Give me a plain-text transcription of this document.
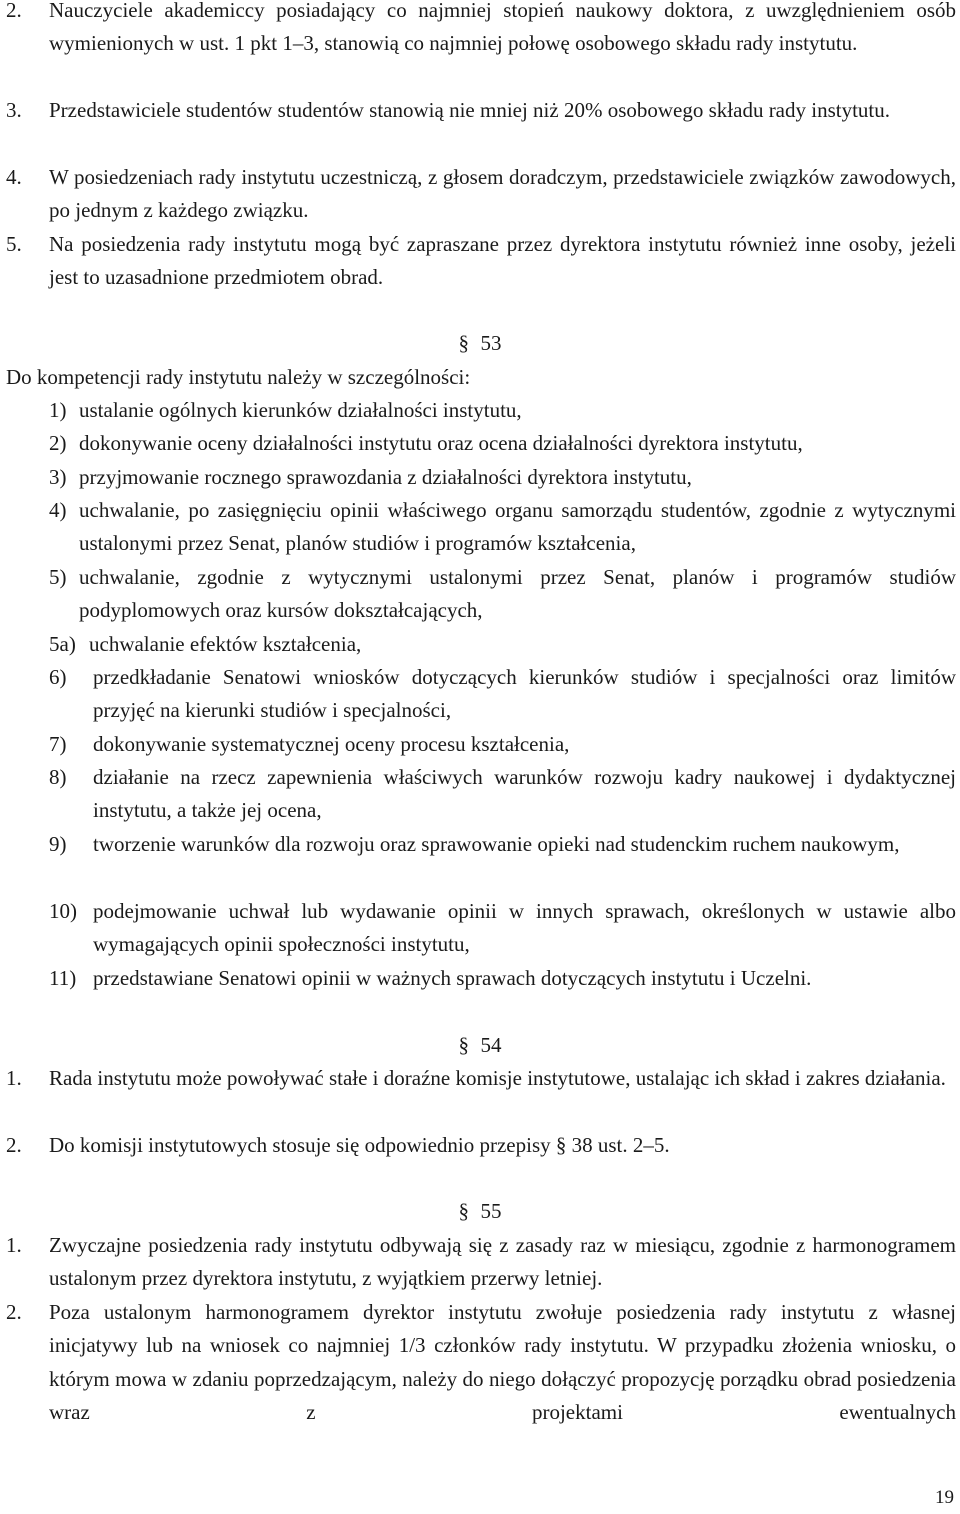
2. Nauczyciele akademiccy posiadający co najmniej stopień naukowy doktora, z uwzględnieniem osób wymienionych w ust. 1 pkt 1–3, stanowią co najmniej połowę osobowego składu rady instytutu.
3. Przedstawiciele studentów studentów stanowią nie mniej niż 20% osobowego składu rady instytutu.
4. W posiedzeniach rady instytutu uczestniczą, z głosem doradczym, przedstawiciele związków zawodowych, po jednym z każdego związku.
5. Na posiedzenia rady instytutu mogą być zapraszane przez dyrektora instytutu również inne osoby, jeżeli jest to uzasadnione przedmiotem obrad.
§ 53
Do kompetencji rady instytutu należy w szczególności:
1) ustalanie ogólnych kierunków działalności instytutu,
2) dokonywanie oceny działalności instytutu oraz ocena działalności dyrektora instytutu,
3) przyjmowanie rocznego sprawozdania z działalności dyrektora instytutu,
4) uchwalanie, po zasięgnięciu opinii właściwego organu samorządu studentów, zgodnie z wytycznymi ustalonymi przez Senat, planów studiów i programów kształcenia,
5) uchwalanie, zgodnie z wytycznymi ustalonymi przez Senat, planów i programów studiów podyplomowych oraz kursów dokształcających,
5a) uchwalanie efektów kształcenia,
6) przedkładanie Senatowi wniosków dotyczących kierunków studiów i specjalności oraz limitów przyjęć na kierunki studiów i specjalności,
7) dokonywanie systematycznej oceny procesu kształcenia,
8) działanie na rzecz zapewnienia właściwych warunków rozwoju kadry naukowej i dydaktycznej instytutu, a także jej ocena,
9) tworzenie warunków dla rozwoju oraz sprawowanie opieki nad studenckim ruchem naukowym,
10) podejmowanie uchwał lub wydawanie opinii w innych sprawach, określonych w ustawie albo wymagających opinii społeczności instytutu,
11) przedstawiane Senatowi opinii w ważnych sprawach dotyczących instytutu i Uczelni.
§ 54
1. Rada instytutu może powoływać stałe i doraźne komisje instytutowe, ustalając ich skład i zakres działania.
2. Do komisji instytutowych stosuje się odpowiednio przepisy § 38 ust. 2–5.
§ 55
1. Zwyczajne posiedzenia rady instytutu odbywają się z zasady raz w miesiącu, zgodnie z harmonogramem ustalonym przez dyrektora instytutu, z wyjątkiem przerwy letniej.
2. Poza ustalonym harmonogramem dyrektor instytutu zwołuje posiedzenia rady instytutu z własnej inicjatywy lub na wniosek co najmniej 1/3 członków rady instytutu. W przypadku złożenia wniosku, o którym mowa w zdaniu poprzedzającym, należy do niego dołączyć propozycję porządku obrad posiedzenia wraz z projektami ewentualnych
19
